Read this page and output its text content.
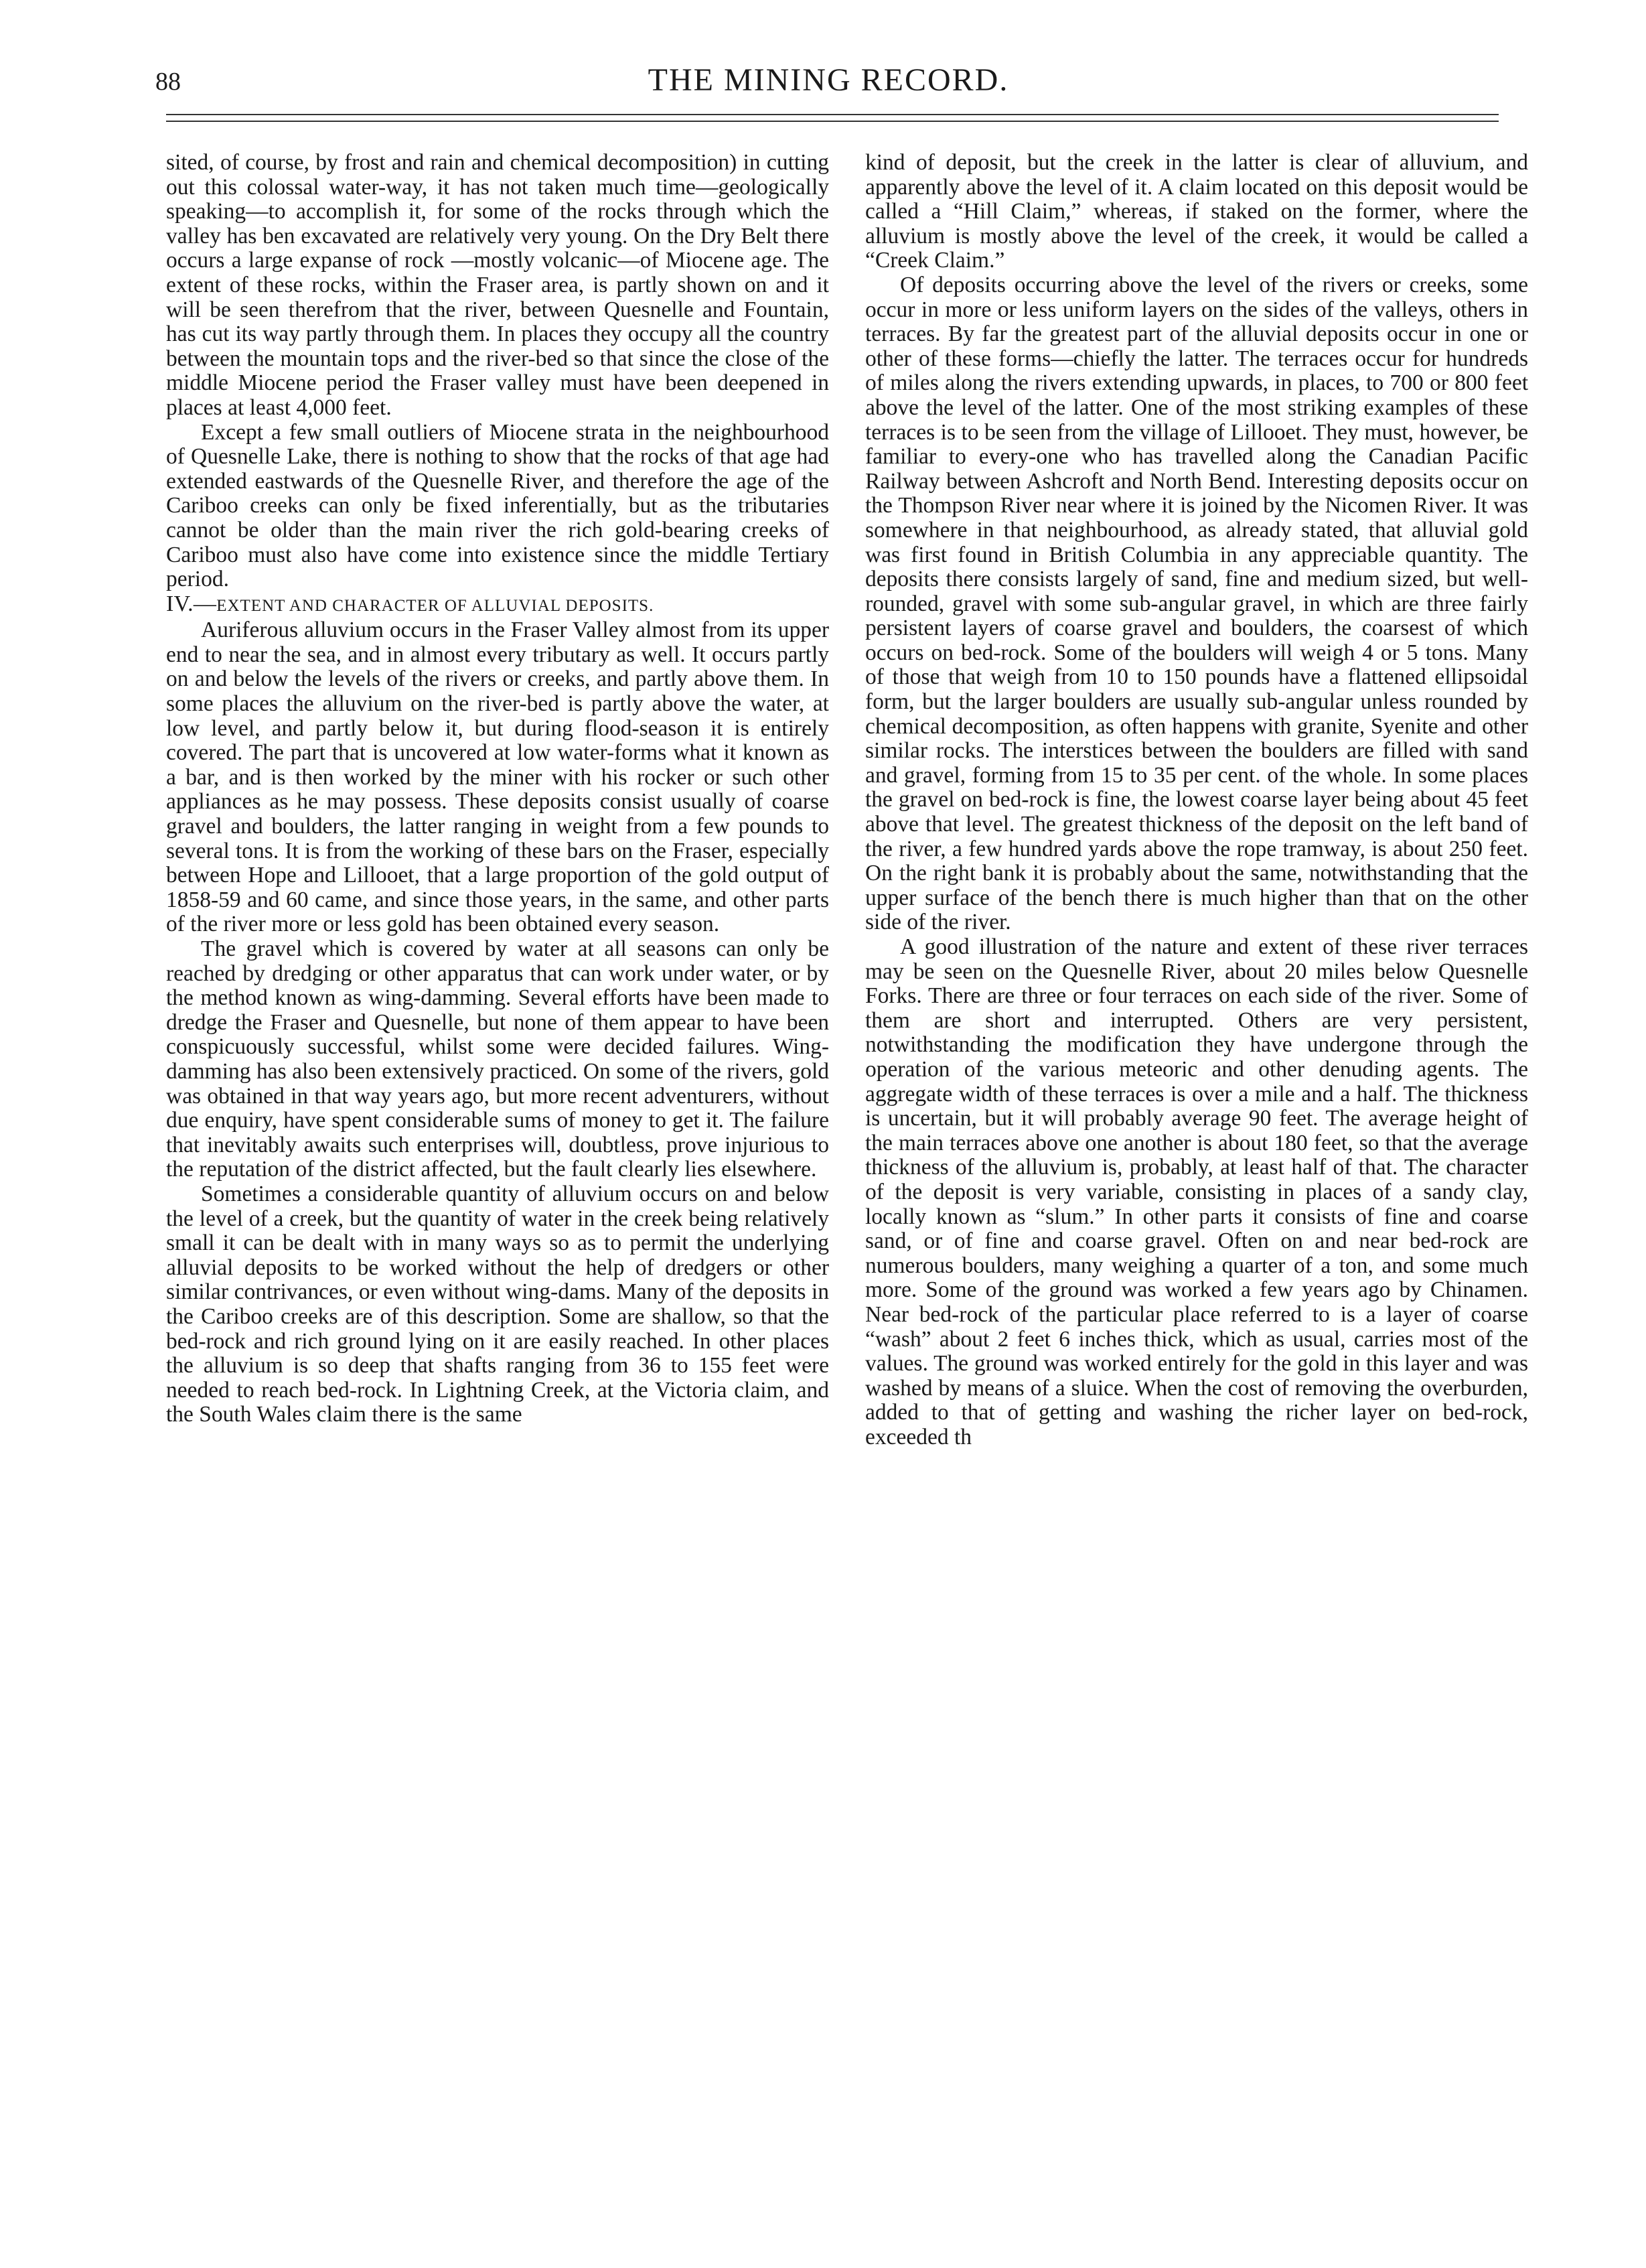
88	THE MINING RECORD.

sited, of course, by frost and rain and chemical decomposition) in cutting out this colossal water-way, it has not taken much time—geologically speaking—to accomplish it, for some of the rocks through which the valley has ben excavated are relatively very young. On the Dry Belt there occurs a large expanse of rock —mostly volcanic—of Miocene age. The extent of these rocks, within the Fraser area, is partly shown on and it will be seen therefrom that the river, between Quesnelle and Fountain, has cut its way partly through them. In places they occupy all the country between the mountain tops and the river-bed so that since the close of the middle Miocene period the Fraser valley must have been deepened in places at least 4,000 feet.

Except a few small outliers of Miocene strata in the neighbourhood of Quesnelle Lake, there is nothing to show that the rocks of that age had extended eastwards of the Quesnelle River, and therefore the age of the Cariboo creeks can only be fixed inferentially, but as the tributaries cannot be older than the main river the rich gold-bearing creeks of Cariboo must also have come into existence since the middle Tertiary period.

IV.—EXTENT AND CHARACTER OF ALLUVIAL DEPOSITS.

Auriferous alluvium occurs in the Fraser Valley almost from its upper end to near the sea, and in almost every tributary as well. It occurs partly on and below the levels of the rivers or creeks, and partly above them. In some places the alluvium on the river-bed is partly above the water, at low level, and partly below it, but during flood-season it is entirely covered. The part that is uncovered at low water-forms what it known as a bar, and is then worked by the miner with his rocker or such other appliances as he may possess. These deposits consist usually of coarse gravel and boulders, the latter ranging in weight from a few pounds to several tons. It is from the working of these bars on the Fraser, especially between Hope and Lillooet, that a large proportion of the gold output of 1858-59 and 60 came, and since those years, in the same, and other parts of the river more or less gold has been obtained every season.

The gravel which is covered by water at all seasons can only be reached by dredging or other apparatus that can work under water, or by the method known as wing-damming. Several efforts have been made to dredge the Fraser and Quesnelle, but none of them appear to have been conspicuously successful, whilst some were decided failures. Wing-damming has also been extensively practiced. On some of the rivers, gold was obtained in that way years ago, but more recent adventurers, without due enquiry, have spent considerable sums of money to get it. The failure that inevitably awaits such enterprises will, doubtless, prove injurious to the reputation of the district affected, but the fault clearly lies elsewhere.

Sometimes a considerable quantity of alluvium occurs on and below the level of a creek, but the quantity of water in the creek being relatively small it can be dealt with in many ways so as to permit the underlying alluvial deposits to be worked without the help of dredgers or other similar contrivances, or even without wing-dams. Many of the deposits in the Cariboo creeks are of this description. Some are shallow, so that the bed-rock and rich ground lying on it are easily reached. In other places the alluvium is so deep that shafts ranging from 36 to 155 feet were needed to reach bed-rock. In Lightning Creek, at the Victoria claim, and the South Wales claim there is the same

kind of deposit, but the creek in the latter is clear of alluvium, and apparently above the level of it. A claim located on this deposit would be called a “Hill Claim,” whereas, if staked on the former, where the alluvium is mostly above the level of the creek, it would be called a “Creek Claim.”

Of deposits occurring above the level of the rivers or creeks, some occur in more or less uniform layers on the sides of the valleys, others in terraces. By far the greatest part of the alluvial deposits occur in one or other of these forms—chiefly the latter. The terraces occur for hundreds of miles along the rivers extending upwards, in places, to 700 or 800 feet above the level of the latter. One of the most striking examples of these terraces is to be seen from the village of Lillooet. They must, however, be familiar to every-one who has travelled along the Canadian Pacific Railway between Ashcroft and North Bend. Interesting deposits occur on the Thompson River near where it is joined by the Nicomen River. It was somewhere in that neighbourhood, as already stated, that alluvial gold was first found in British Columbia in any appreciable quantity. The deposits there consists largely of sand, fine and medium sized, but well-rounded, gravel with some sub-angular gravel, in which are three fairly persistent layers of coarse gravel and boulders, the coarsest of which occurs on bed-rock. Some of the boulders will weigh 4 or 5 tons. Many of those that weigh from 10 to 150 pounds have a flattened ellipsoidal form, but the larger boulders are usually sub-angular unless rounded by chemical decomposition, as often happens with granite, Syenite and other similar rocks. The interstices between the boulders are filled with sand and gravel, forming from 15 to 35 per cent. of the whole. In some places the gravel on bed-rock is fine, the lowest coarse layer being about 45 feet above that level. The greatest thickness of the deposit on the left band of the river, a few hundred yards above the rope tramway, is about 250 feet. On the right bank it is probably about the same, notwithstanding that the upper surface of the bench there is much higher than that on the other side of the river.

A good illustration of the nature and extent of these river terraces may be seen on the Quesnelle River, about 20 miles below Quesnelle Forks. There are three or four terraces on each side of the river. Some of them are short and interrupted. Others are very persistent, notwithstanding the modification they have undergone through the operation of the various meteoric and other denuding agents. The aggregate width of these terraces is over a mile and a half. The thickness is uncertain, but it will probably average 90 feet. The average height of the main terraces above one another is about 180 feet, so that the average thickness of the alluvium is, probably, at least half of that. The character of the deposit is very variable, consisting in places of a sandy clay, locally known as “slum.” In other parts it consists of fine and coarse sand, or of fine and coarse gravel. Often on and near bed-rock are numerous boulders, many weighing a quarter of a ton, and some much more. Some of the ground was worked a few years ago by Chinamen. Near bed-rock of the particular place referred to is a layer of coarse “wash” about 2 feet 6 inches thick, which as usual, carries most of the values. The ground was worked entirely for the gold in this layer and was washed by means of a sluice. When the cost of removing the overburden, added to that of getting and washing the richer layer on bed-rock, exceeded th
